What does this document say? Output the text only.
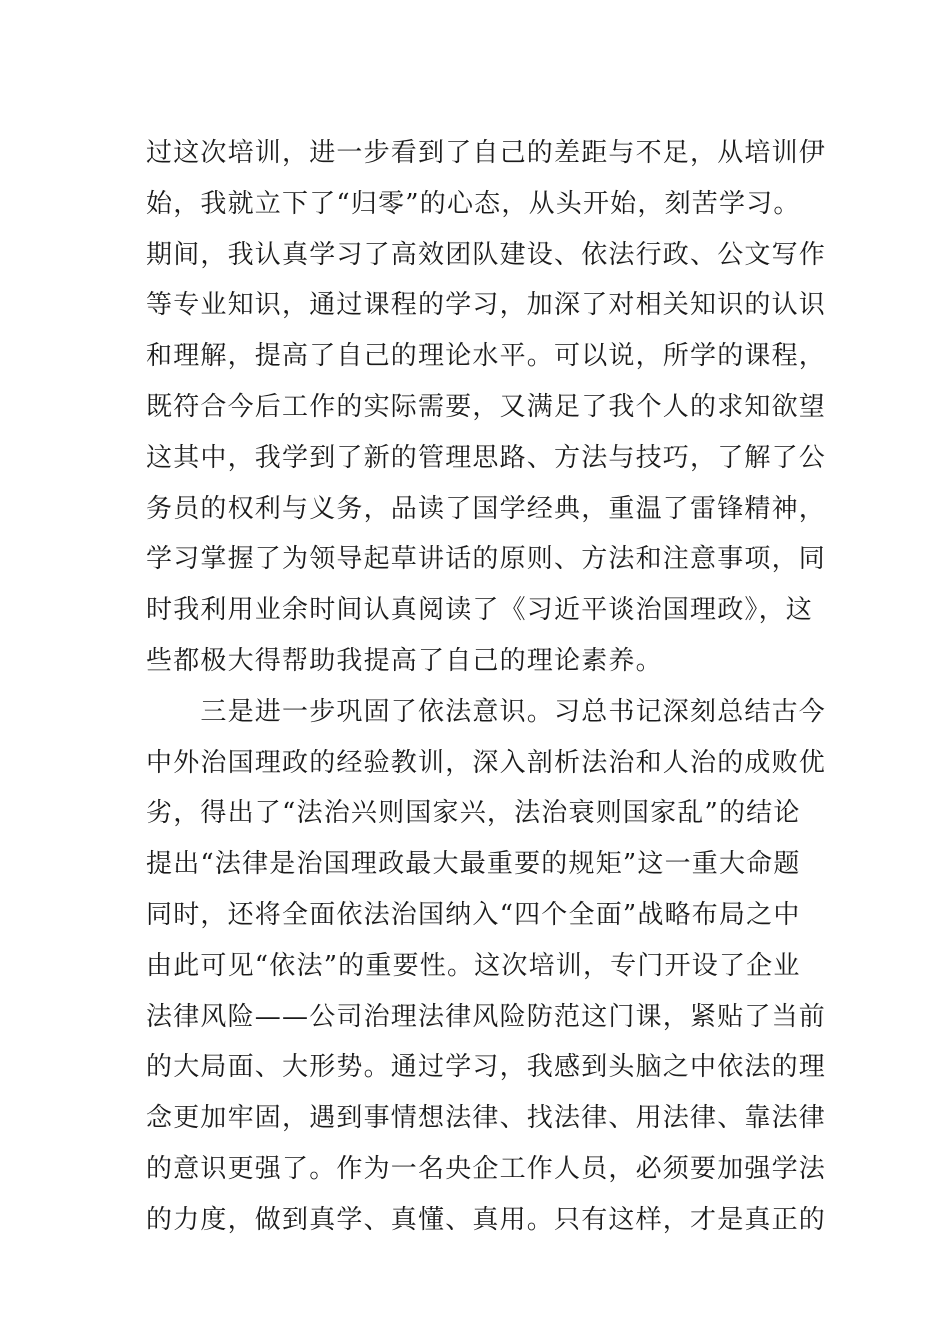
过这次培训，进一步看到了自己的差距与不足，从培训伊
始，我就立下了“归零”的心态，从头开始，刻苦学习。
期间，我认真学习了高效团队建设、依法行政、公文写作
等专业知识，通过课程的学习，加深了对相关知识的认识
和理解，提高了自己的理论水平。可以说，所学的课程，
既符合今后工作的实际需要，又满足了我个人的求知欲望
这其中，我学到了新的管理思路、方法与技巧，了解了公
务员的权利与义务，品读了国学经典，重温了雷锋精神，
学习掌握了为领导起草讲话的原则、方法和注意事项，同
时我利用业余时间认真阅读了《习近平谈治国理政》，这
些都极大得帮助我提高了自己的理论素养。
　　三是进一步巩固了依法意识。习总书记深刻总结古今
中外治国理政的经验教训，深入剖析法治和人治的成败优
劣，得出了“法治兴则国家兴，法治衰则国家乱”的结论
提出“法律是治国理政最大最重要的规矩”这一重大命题
同时，还将全面依法治国纳入“四个全面”战略布局之中
由此可见“依法”的重要性。这次培训，专门开设了企业
法律风险——公司治理法律风险防范这门课，紧贴了当前
的大局面、大形势。通过学习，我感到头脑之中依法的理
念更加牢固，遇到事情想法律、找法律、用法律、靠法律
的意识更强了。作为一名央企工作人员，必须要加强学法
的力度，做到真学、真懂、真用。只有这样，才是真正的
